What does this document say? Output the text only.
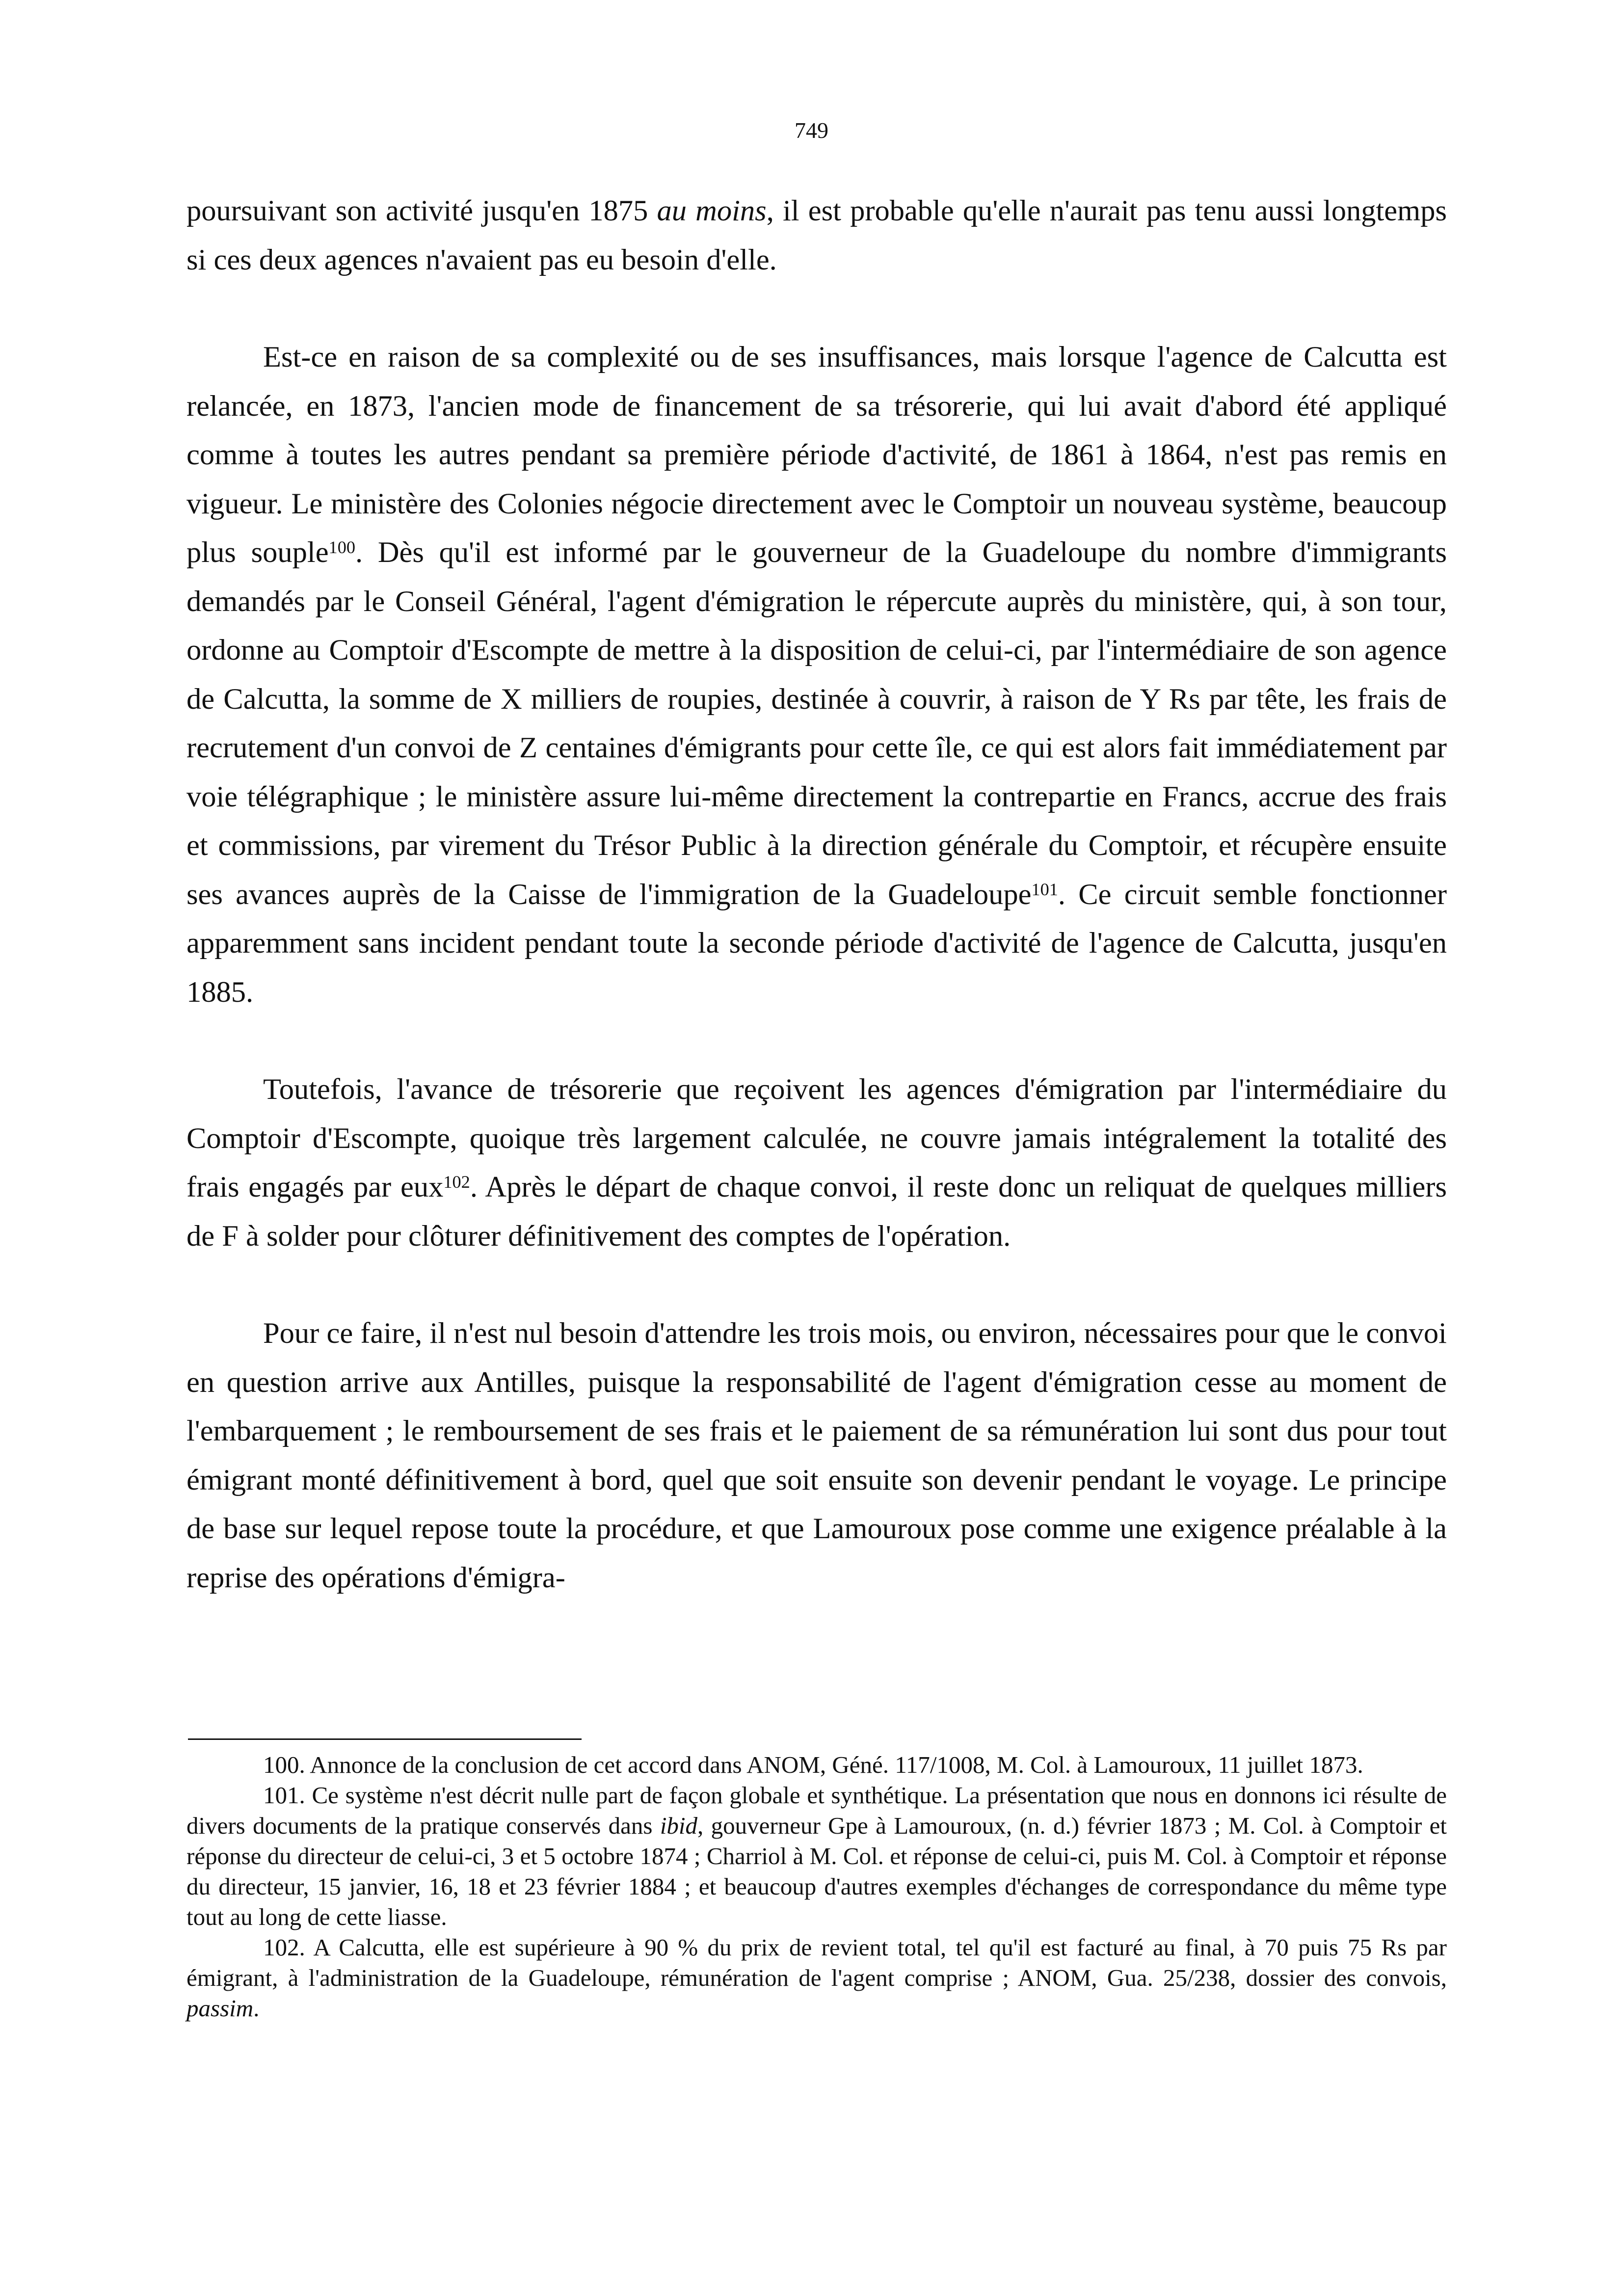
749

poursuivant son activité jusqu'en 1875 au moins, il est probable qu'elle n'aurait pas tenu aussi longtemps si ces deux agences n'avaient pas eu besoin d'elle.

Est-ce en raison de sa complexité ou de ses insuffisances, mais lorsque l'agence de Calcutta est relancée, en 1873, l'ancien mode de financement de sa trésorerie, qui lui avait d'abord été appliqué comme à toutes les autres pendant sa première période d'activité, de 1861 à 1864, n'est pas remis en vigueur. Le ministère des Colonies négocie directement avec le Comptoir un nouveau système, beaucoup plus souple$^{100}$. Dès qu'il est informé par le gouverneur de la Guadeloupe du nombre d'immigrants demandés par le Conseil Général, l'agent d'émigration le répercute auprès du ministère, qui, à son tour, ordonne au Comptoir d'Escompte de mettre à la disposition de celui-ci, par l'intermédiaire de son agence de Calcutta, la somme de X milliers de roupies, destinée à couvrir, à raison de Y Rs par tête, les frais de recrutement d'un convoi de Z centaines d'émigrants pour cette île, ce qui est alors fait immédiatement par voie télégraphique ; le ministère assure lui-même directement la contrepartie en Francs, accrue des frais et commissions, par virement du Trésor Public à la direction générale du Comptoir, et récupère ensuite ses avances auprès de la Caisse de l'immigration de la Guadeloupe$^{101}$. Ce circuit semble fonctionner apparemment sans incident pendant toute la seconde période d'activité de l'agence de Calcutta, jusqu'en 1885.

Toutefois, l'avance de trésorerie que reçoivent les agences d'émigration par l'intermédiaire du Comptoir d'Escompte, quoique très largement calculée, ne couvre jamais intégralement la totalité des frais engagés par eux$^{102}$. Après le départ de chaque convoi, il reste donc un reliquat de quelques milliers de F à solder pour clôturer définitivement des comptes de l'opération.

Pour ce faire, il n'est nul besoin d'attendre les trois mois, ou environ, nécessaires pour que le convoi en question arrive aux Antilles, puisque la responsabilité de l'agent d'émigration cesse au moment de l'embarquement ; le remboursement de ses frais et le paiement de sa rémunération lui sont dus pour tout émigrant monté définitivement à bord, quel que soit ensuite son devenir pendant le voyage. Le principe de base sur lequel repose toute la procédure, et que Lamouroux pose comme une exigence préalable à la reprise des opérations d'émigra-

100. Annonce de la conclusion de cet accord dans ANOM, Géné. 117/1008, M. Col. à Lamouroux, 11 juillet 1873.

101. Ce système n'est décrit nulle part de façon globale et synthétique. La présentation que nous en donnons ici résulte de divers documents de la pratique conservés dans ibid, gouverneur Gpe à Lamouroux, (n. d.) février 1873 ; M. Col. à Comptoir et réponse du directeur de celui-ci, 3 et 5 octobre 1874 ; Charriol à M. Col. et réponse de celui-ci, puis M. Col. à Comptoir et réponse du directeur, 15 janvier, 16, 18 et 23 février 1884 ; et beaucoup d'autres exemples d'échanges de correspondance du même type tout au long de cette liasse.

102. A Calcutta, elle est supérieure à 90 % du prix de revient total, tel qu'il est facturé au final, à 70 puis 75 Rs par émigrant, à l'administration de la Guadeloupe, rémunération de l'agent comprise ; ANOM, Gua. 25/238, dossier des convois, passim.
